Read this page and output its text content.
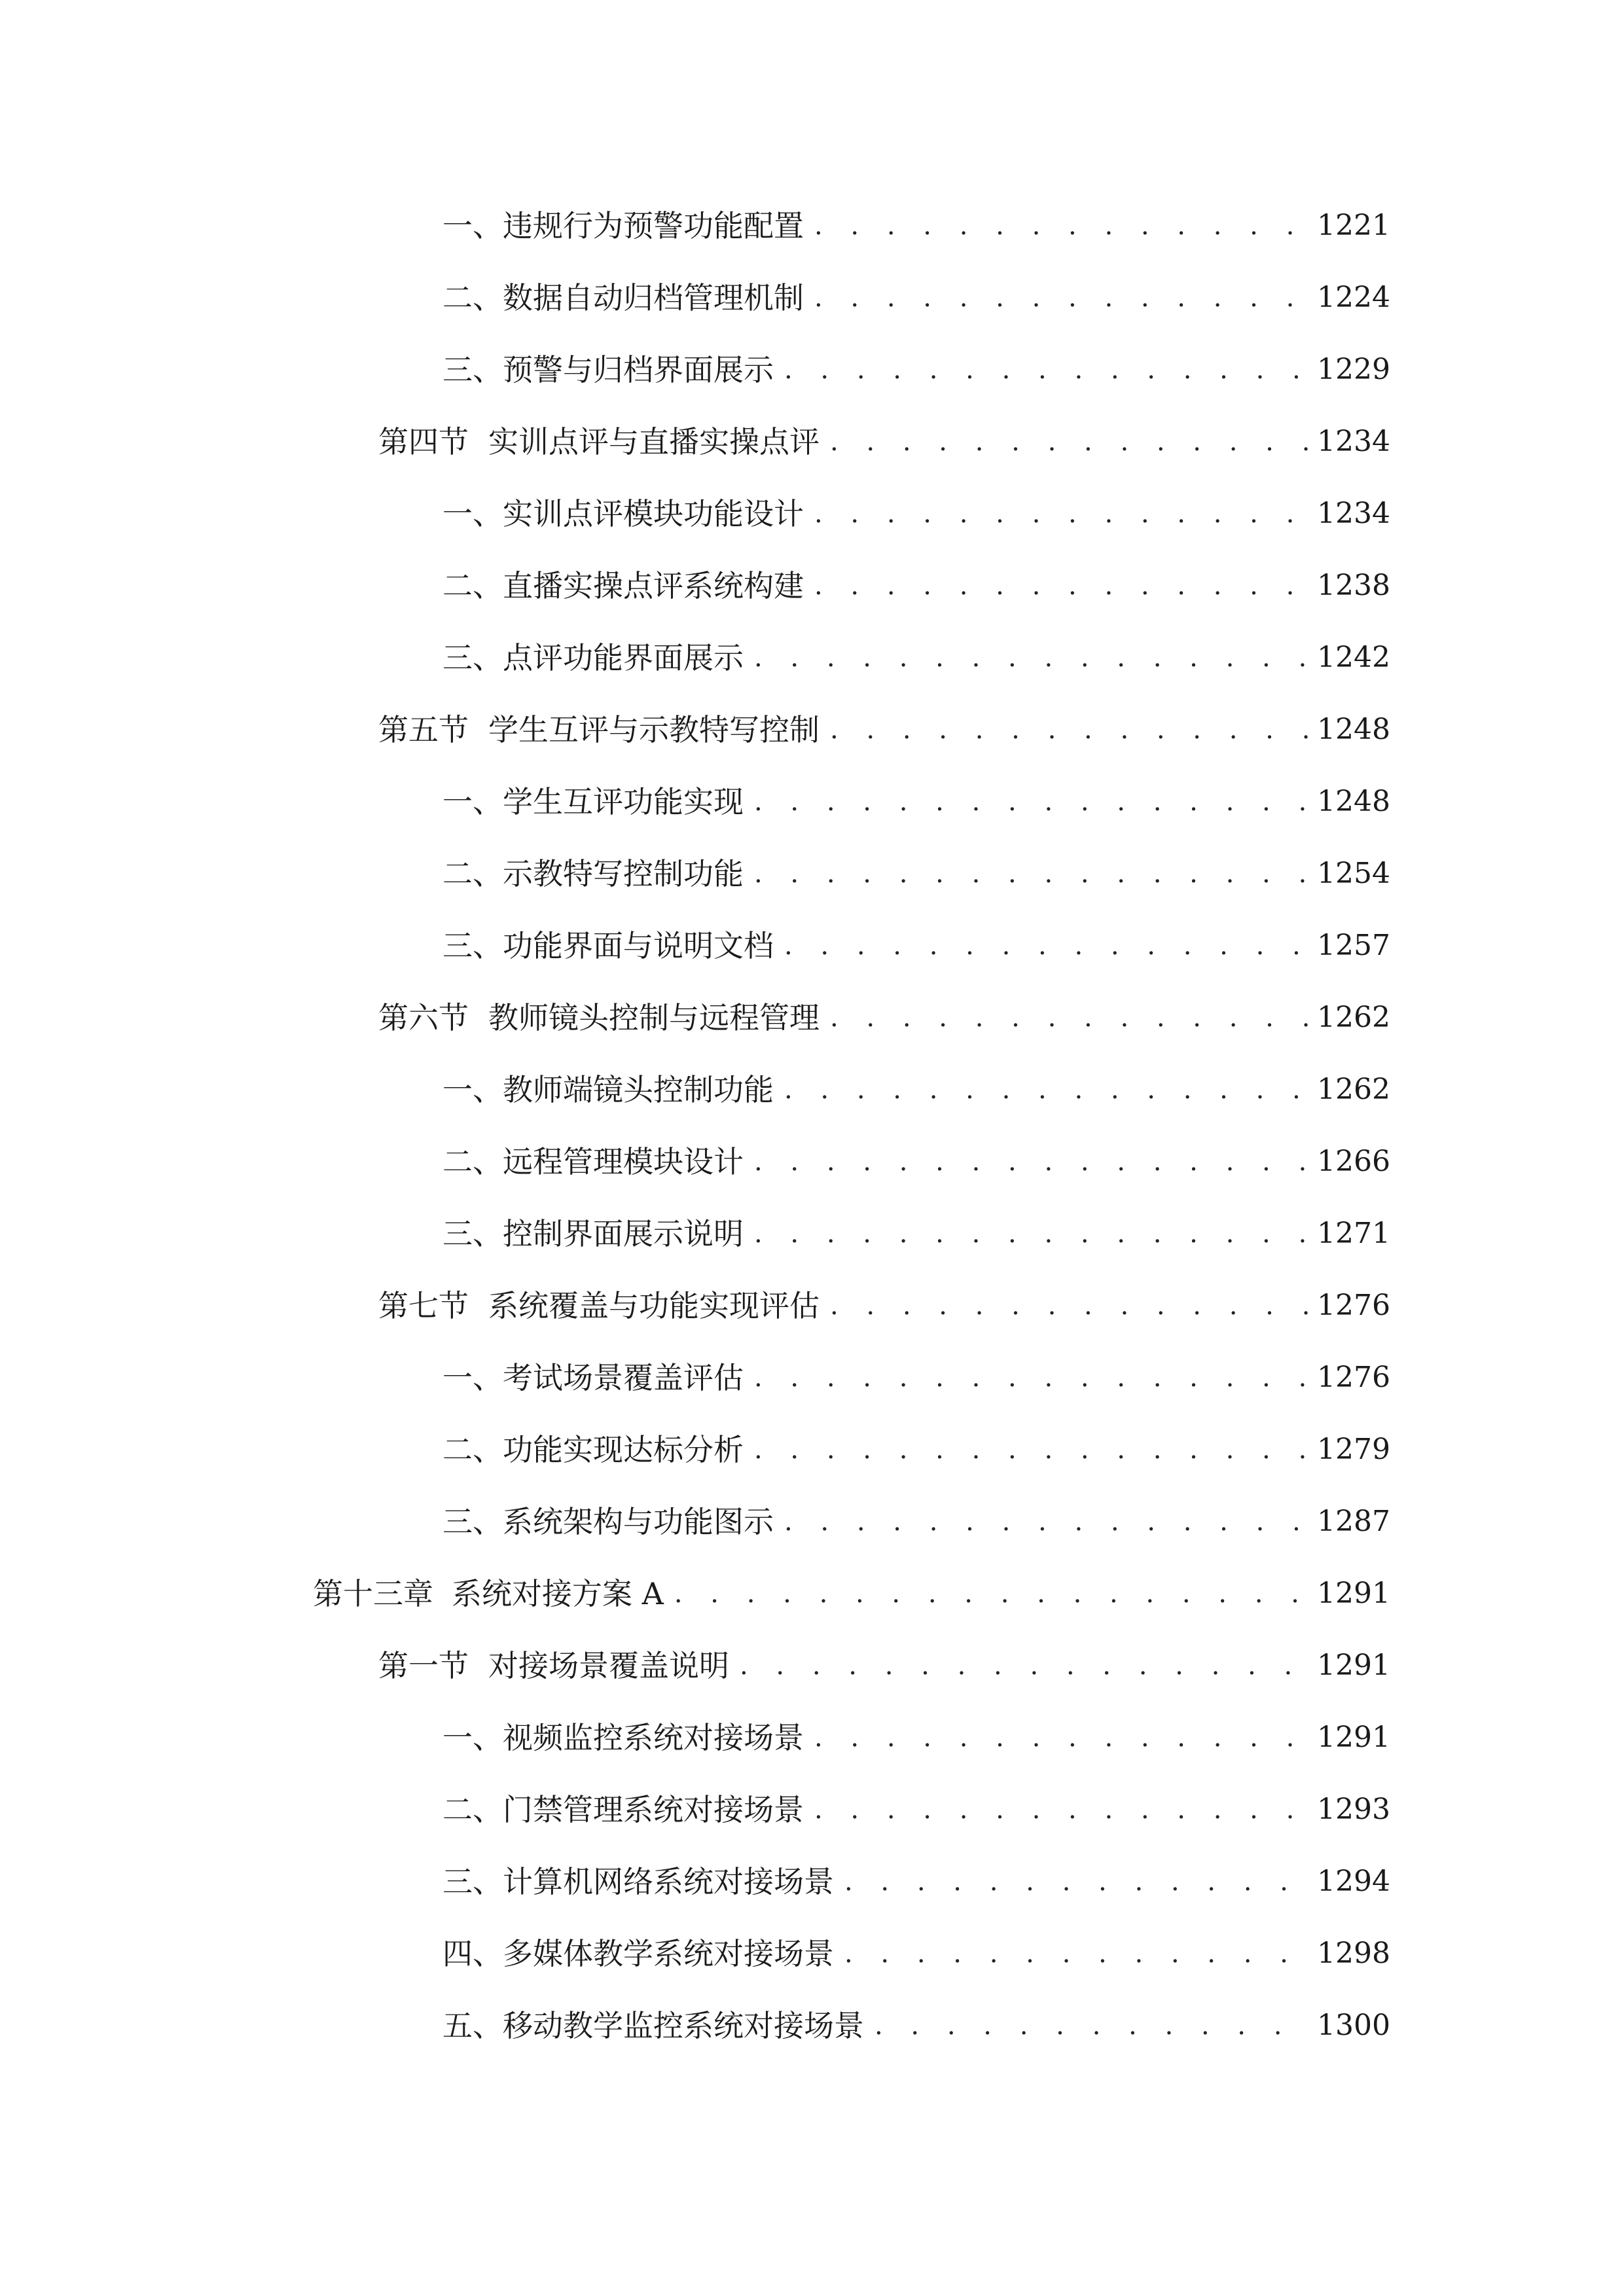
一、 违规行为预警功能配置 . . .	1221
二、 数据自动归档管理机制 . . .	1224
三、 预警与归档界面展示 . . .	1229
第四节 实训点评与直播实操点评 . . .	1234
一、 实训点评模块功能设计 . . .	1234
二、 直播实操点评系统构建 . . .	1238
三、 点评功能界面展示 . . .	1242
第五节 学生互评与示教特写控制 . . .	1248
一、 学生互评功能实现 . . .	1248
二、 示教特写控制功能 . . .	1254
三、 功能界面与说明文档 . . .	1257
第六节 教师镜头控制与远程管理 . . .	1262
一、 教师端镜头控制功能 . . .	1262
二、 远程管理模块设计 . . .	1266
三、 控制界面展示说明 . . .	1271
第七节 系统覆盖与功能实现评估 . . .	1276
一、 考试场景覆盖评估 . . .	1276
二、 功能实现达标分析 . . .	1279
三、 系统架构与功能图示 . . .	1287
第十三章 系统对接方案 A . . .	1291
第一节 对接场景覆盖说明 . . .	1291
一、 视频监控系统对接场景 . . .	1291
二、 门禁管理系统对接场景 . . .	1293
三、 计算机网络系统对接场景 . . .	1294
四、 多媒体教学系统对接场景 . . .	1298
五、 移动教学监控系统对接场景 . . .	1300
